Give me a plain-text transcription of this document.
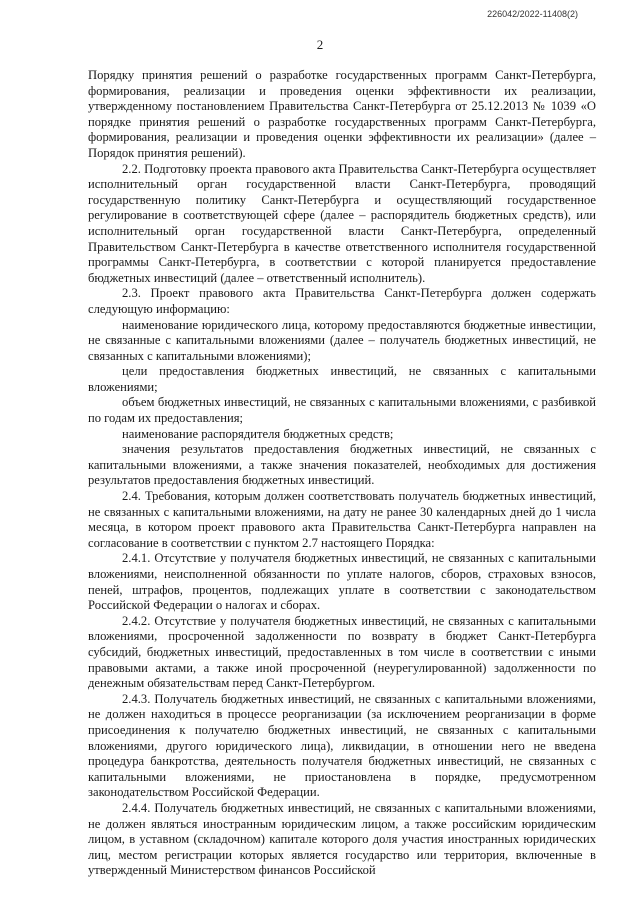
226042/2022-11408(2)
2

Порядку принятия решений о разработке государственных программ Санкт-Петербурга, формирования, реализации и проведения оценки эффективности их реализации, утвержденному постановлением Правительства Санкт-Петербурга от 25.12.2013 № 1039 «О порядке принятия решений о разработке государственных программ Санкт-Петербурга, формирования, реализации и проведения оценки эффективности их реализации» (далее – Порядок принятия решений).

2.2. Подготовку проекта правового акта Правительства Санкт-Петербурга осуществляет исполнительный орган государственной власти Санкт-Петербурга, проводящий государственную политику Санкт-Петербурга и осуществляющий государственное регулирование в соответствующей сфере (далее – распорядитель бюджетных средств), или исполнительный орган государственной власти Санкт-Петербурга, определенный Правительством Санкт-Петербурга в качестве ответственного исполнителя государственной программы Санкт-Петербурга, в соответствии с которой планируется предоставление бюджетных инвестиций (далее – ответственный исполнитель).

2.3. Проект правового акта Правительства Санкт-Петербурга должен содержать следующую информацию:

наименование юридического лица, которому предоставляются бюджетные инвестиции, не связанные с капитальными вложениями (далее – получатель бюджетных инвестиций, не связанных с капитальными вложениями);

цели предоставления бюджетных инвестиций, не связанных с капитальными вложениями;

объем бюджетных инвестиций, не связанных с капитальными вложениями, с разбивкой по годам их предоставления;

наименование распорядителя бюджетных средств;

значения результатов предоставления бюджетных инвестиций, не связанных с капитальными вложениями, а также значения показателей, необходимых для достижения результатов предоставления бюджетных инвестиций.

2.4. Требования, которым должен соответствовать получатель бюджетных инвестиций, не связанных с капитальными вложениями, на дату не ранее 30 календарных дней до 1 числа месяца, в котором проект правового акта Правительства Санкт-Петербурга направлен на согласование в соответствии с пунктом 2.7 настоящего Порядка:

2.4.1. Отсутствие у получателя бюджетных инвестиций, не связанных с капитальными вложениями, неисполненной обязанности по уплате налогов, сборов, страховых взносов, пеней, штрафов, процентов, подлежащих уплате в соответствии с законодательством Российской Федерации о налогах и сборах.

2.4.2. Отсутствие у получателя бюджетных инвестиций, не связанных с капитальными вложениями, просроченной задолженности по возврату в бюджет Санкт-Петербурга субсидий, бюджетных инвестиций, предоставленных в том числе в соответствии с иными правовыми актами, а также иной просроченной (неурегулированной) задолженности по денежным обязательствам перед Санкт-Петербургом.

2.4.3. Получатель бюджетных инвестиций, не связанных с капитальными вложениями, не должен находиться в процессе реорганизации (за исключением реорганизации в форме присоединения к получателю бюджетных инвестиций, не связанных с капитальными вложениями, другого юридического лица), ликвидации, в отношении него не введена процедура банкротства, деятельность получателя бюджетных инвестиций, не связанных с капитальными вложениями, не приостановлена в порядке, предусмотренном законодательством Российской Федерации.

2.4.4. Получатель бюджетных инвестиций, не связанных с капитальными вложениями, не должен являться иностранным юридическим лицом, а также российским юридическим лицом, в уставном (складочном) капитале которого доля участия иностранных юридических лиц, местом регистрации которых является государство или территория, включенные в утвержденный Министерством финансов Российской
